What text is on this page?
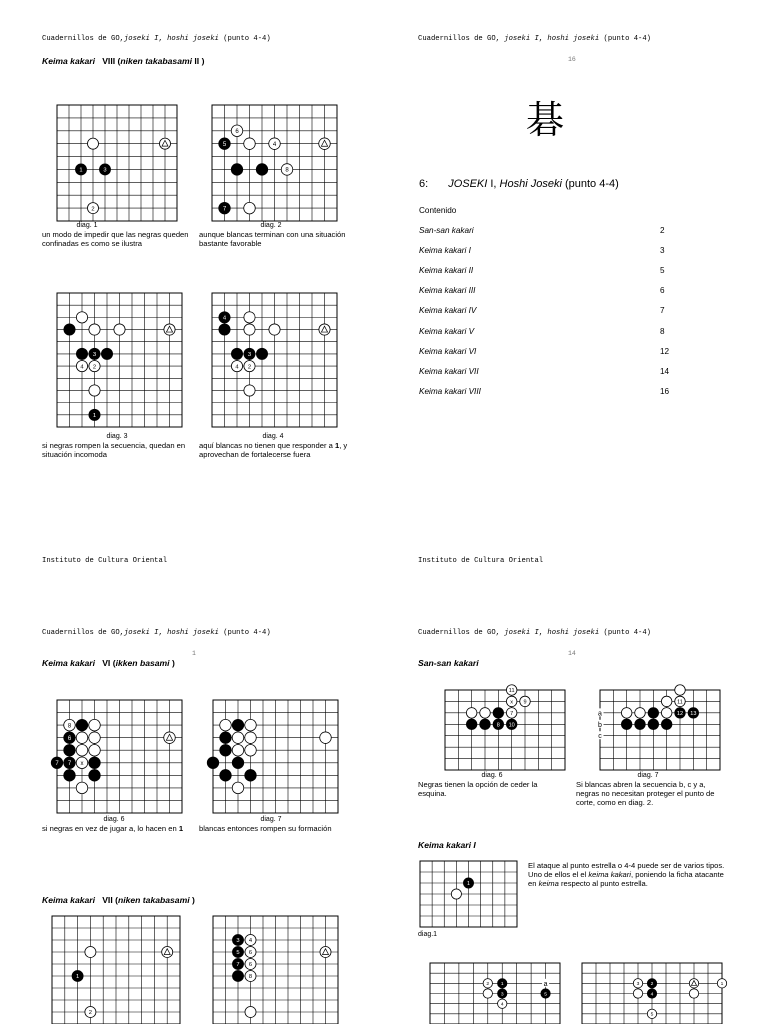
Cuadernillos de GO,joseki I, hoshi joseki (punto 4-4)	Cuadernillos de GO, joseki I, hoshi joseki (punto 4-4)
16
Instituto de Cultura Oriental	Instituto de Cultura Oriental
Cuadernillos de GO,joseki I, hoshi joseki (punto 4-4)	Cuadernillos de GO, joseki I, hoshi joseki (punto 4-4)
1	14
Keima kakari VIII (niken takabasami II )
1	3
2
6
5	4
8
7
3
4 2
1
4
3
4 2
8
6
7 x
7
1
2
3 4
5 6
7 6
8
11
x 9
7
8 10
11
12 13
a
b
c
1
2 1
3	5
4
a	3 2
4
1
5
diag. 1
un modo de impedir que las negras queden confinadas es como se ilustra
diag. 2
aunque blancas terminan con una situación bastante favorable
diag. 3
si negras rompen la secuencia, quedan en situación incomoda
diag. 4
aquí blancas no tienen que responder a 1, y aprovechan de fortalecerse fuera
碁
6: JOSEKI I, Hoshi Joseki (punto 4-4)
Contenido
San-san kakari	2
Keima kakari I	3
Keima kakari II	5
Keima kakari III	6
Keima kakari IV	7
Keima kakari V	8
Keima kakari VI	12
Keima kakari VII	14
Keima kakari VIII	16
Keima kakari VI (ikken basami )
diag. 6
si negras en vez de jugar a, lo hacen en 1
diag. 7
blancas entonces rompen su formación
Keima kakari VII (niken takabasami )
San-san kakari
diag. 6
Negras tienen la opción de ceder la esquina.
diag. 7
Si blancas abren la secuencia b, c y a, negras no necesitan proteger el punto de corte, como en diag. 2.
Keima kakari I
El ataque al punto estrella o 4-4 puede ser de varios tipos. Uno de ellos el el keima kakari, poniendo la ficha atacante en keima respecto al punto estrella.
diag.1
